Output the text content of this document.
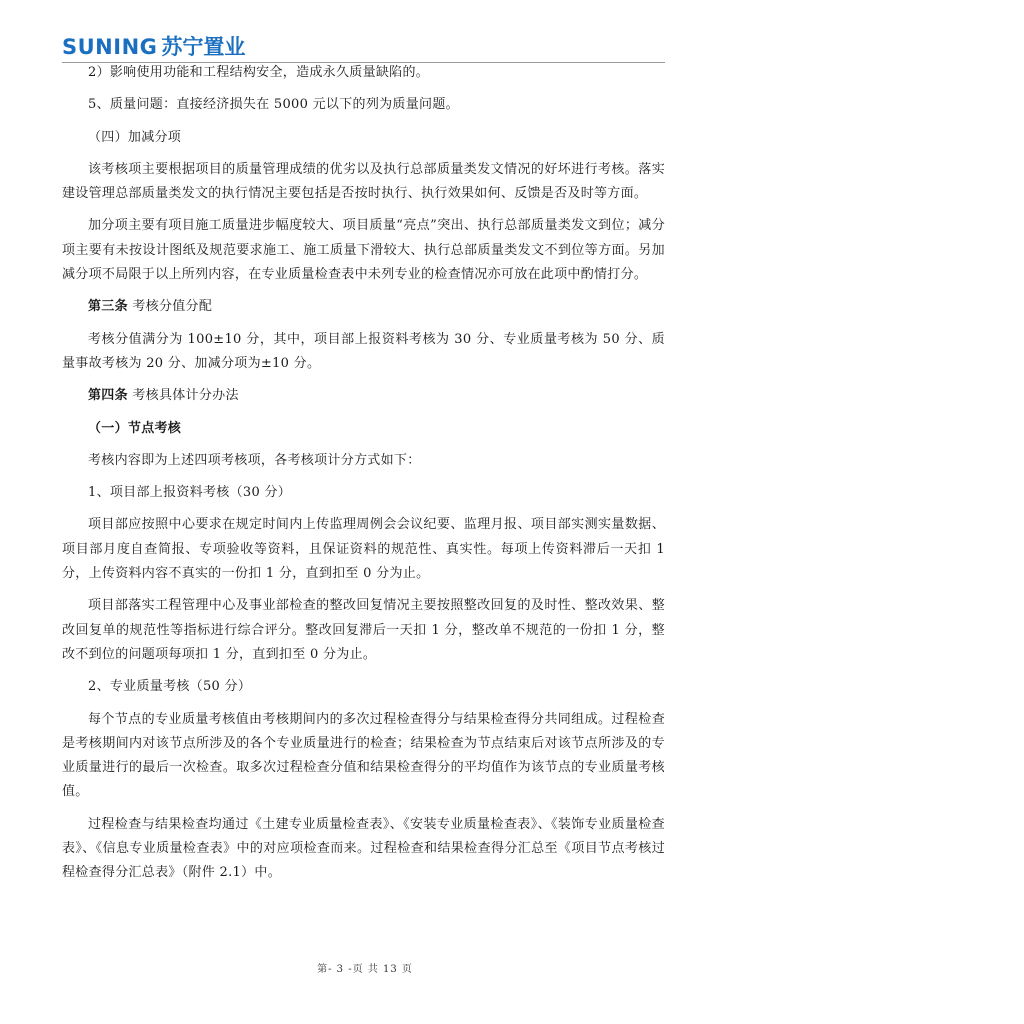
SUNING 苏宁置业

2）影响使用功能和工程结构安全，造成永久质量缺陷的。

5、质量问题：直接经济损失在 5000 元以下的列为质量问题。

（四）加减分项

该考核项主要根据项目的质量管理成绩的优劣以及执行总部质量类发文情况的好坏进行考核。落实建设管理总部质量类发文的执行情况主要包括是否按时执行、执行效果如何、反馈是否及时等方面。

加分项主要有项目施工质量进步幅度较大、项目质量“亮点”突出、执行总部质量类发文到位；减分项主要有未按设计图纸及规范要求施工、施工质量下滑较大、执行总部质量类发文不到位等方面。另加减分项不局限于以上所列内容，在专业质量检查表中未列专业的检查情况亦可放在此项中酌情打分。

第三条 考核分值分配

考核分值满分为 100±10 分，其中，项目部上报资料考核为 30 分、专业质量考核为 50 分、质量事故考核为 20 分、加减分项为±10 分。

第四条 考核具体计分办法

（一）节点考核

考核内容即为上述四项考核项，各考核项计分方式如下：

1、项目部上报资料考核（30 分）

项目部应按照中心要求在规定时间内上传监理周例会会议纪要、监理月报、项目部实测实量数据、项目部月度自查简报、专项验收等资料，且保证资料的规范性、真实性。每项上传资料滞后一天扣 1 分，上传资料内容不真实的一份扣 1 分，直到扣至 0 分为止。

项目部落实工程管理中心及事业部检查的整改回复情况主要按照整改回复的及时性、整改效果、整改回复单的规范性等指标进行综合评分。整改回复滞后一天扣 1 分，整改单不规范的一份扣 1 分，整改不到位的问题项每项扣 1 分，直到扣至 0 分为止。

2、专业质量考核（50 分）

每个节点的专业质量考核值由考核期间内的多次过程检查得分与结果检查得分共同组成。过程检查是考核期间内对该节点所涉及的各个专业质量进行的检查；结果检查为节点结束后对该节点所涉及的专业质量进行的最后一次检查。取多次过程检查分值和结果检查得分的平均值作为该节点的专业质量考核值。

过程检查与结果检查均通过《土建专业质量检查表》、《安装专业质量检查表》、《装饰专业质量检查表》、《信息专业质量检查表》中的对应项检查而来。过程检查和结果检查得分汇总至《项目节点考核过程检查得分汇总表》（附件 2.1）中。

第- 3 -页 共 13 页
